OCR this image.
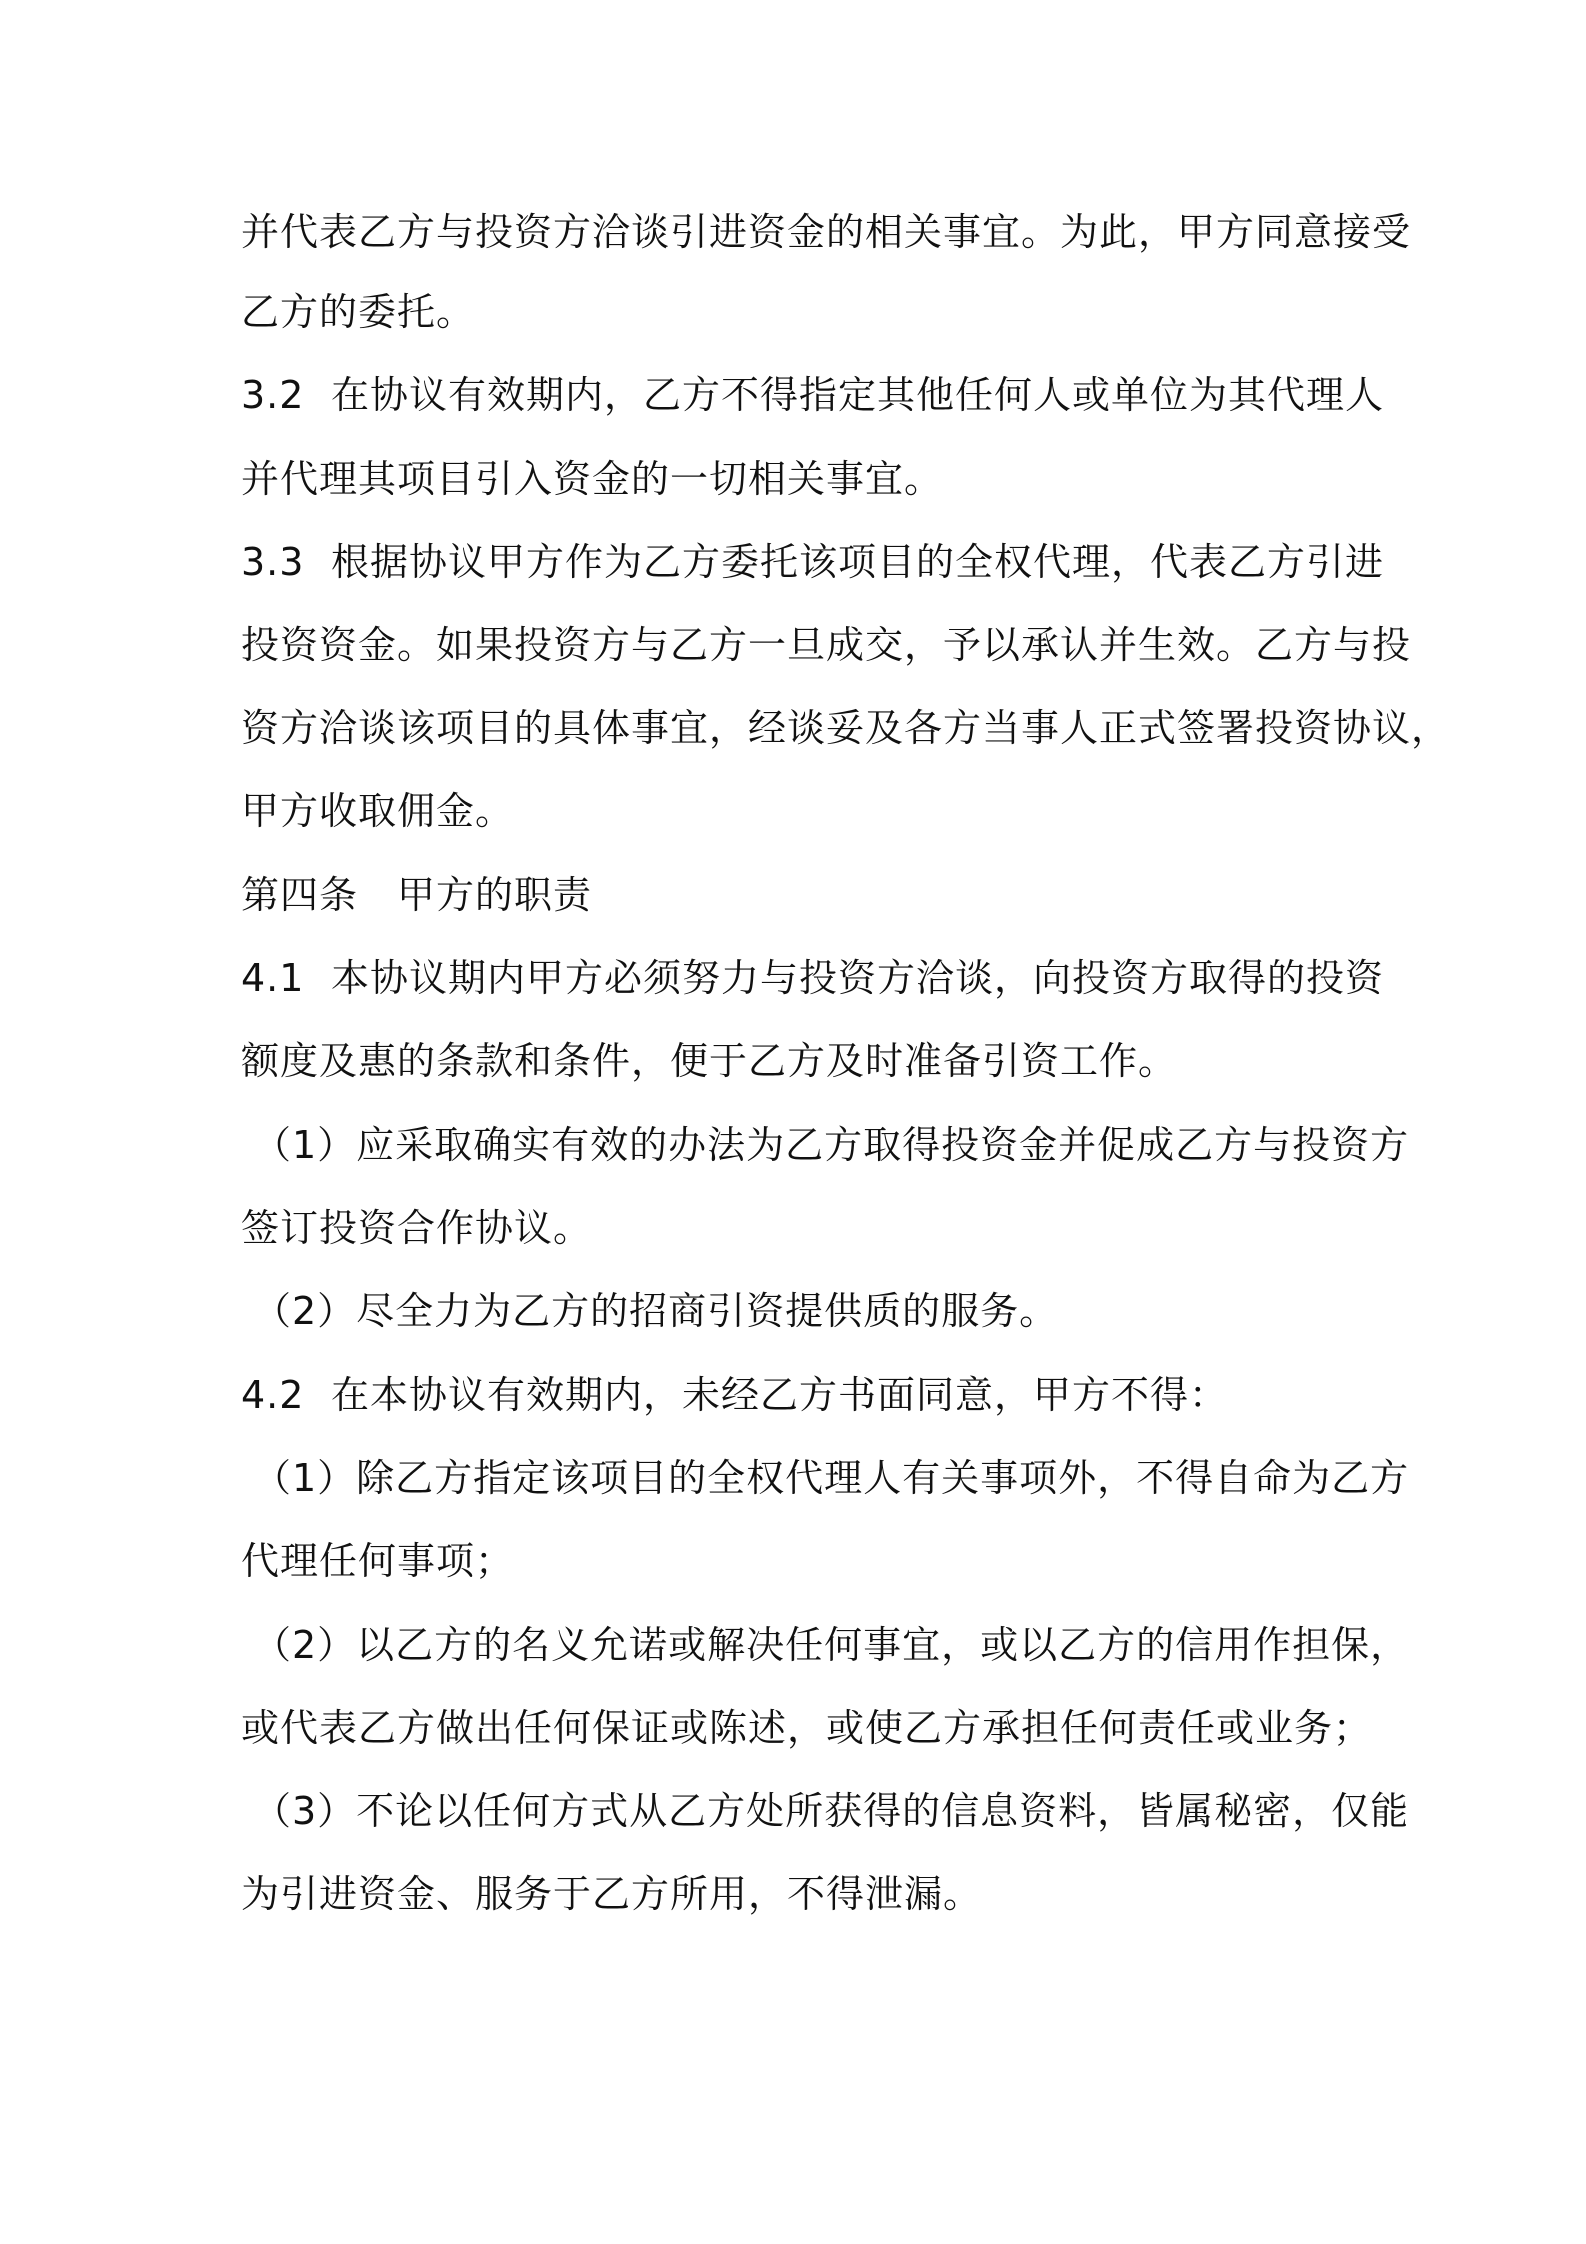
并代表乙方与投资方洽谈引进资金的相关事宜。为此，甲方同意接受
乙方的委托。
3.2 在协议有效期内，乙方不得指定其他任何人或单位为其代理人
并代理其项目引入资金的一切相关事宜。
3.3 根据协议甲方作为乙方委托该项目的全权代理，代表乙方引进
投资资金。如果投资方与乙方一旦成交，予以承认并生效。乙方与投
资方洽谈该项目的具体事宜，经谈妥及各方当事人正式签署投资协议，
甲方收取佣金。
第四条　甲方的职责
4.1 本协议期内甲方必须努力与投资方洽谈，向投资方取得的投资
额度及惠的条款和条件，便于乙方及时准备引资工作。
（1）应采取确实有效的办法为乙方取得投资金并促成乙方与投资方
签订投资合作协议。
（2）尽全力为乙方的招商引资提供质的服务。
4.2 在本协议有效期内，未经乙方书面同意，甲方不得：
（1）除乙方指定该项目的全权代理人有关事项外，不得自命为乙方
代理任何事项；
（2）以乙方的名义允诺或解决任何事宜，或以乙方的信用作担保，
或代表乙方做出任何保证或陈述，或使乙方承担任何责任或业务；
（3）不论以任何方式从乙方处所获得的信息资料，皆属秘密，仅能
为引进资金、服务于乙方所用，不得泄漏。
